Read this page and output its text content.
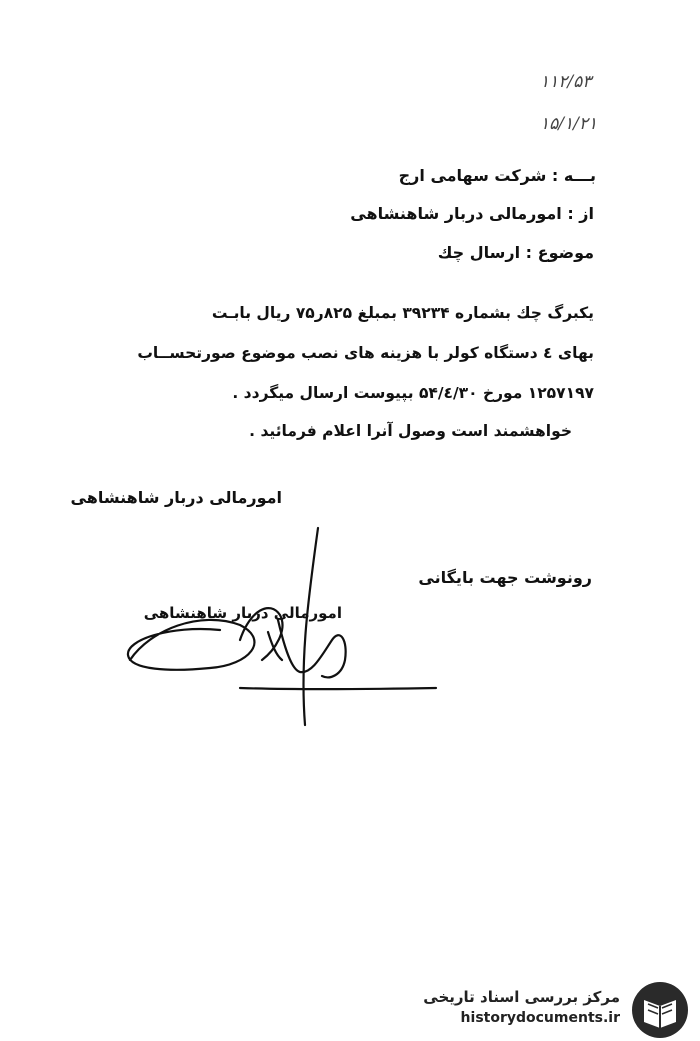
۱۱۲/۵۳
۱۵/۱/۲۱
بـــه : شرکت سهامی ارج
از : امورمالی دربار شاهنشاهی
موضوع : ارسال چك
یکبرگ چك بشماره ۳۹۲۳۴ بمبلغ ۸۲۵ر۷۵ ریال بابـت
بهای ٤ دستگاه کولر با هزینه های نصب موضوع صورتحســاب
۱۲۵۷۱۹۷ مورخ ۵۴/٤/۳۰ بپیوست ارسال میگردد .
خواهشمند است وصول آنرا اعلام فرمائید .
امورمالی دربار شاهنشاهی
رونوشت جهت بایگانی
امورمالی دربار شاهنشاهی
مرکز بررسی اسناد تاریخی
historydocuments.ir
